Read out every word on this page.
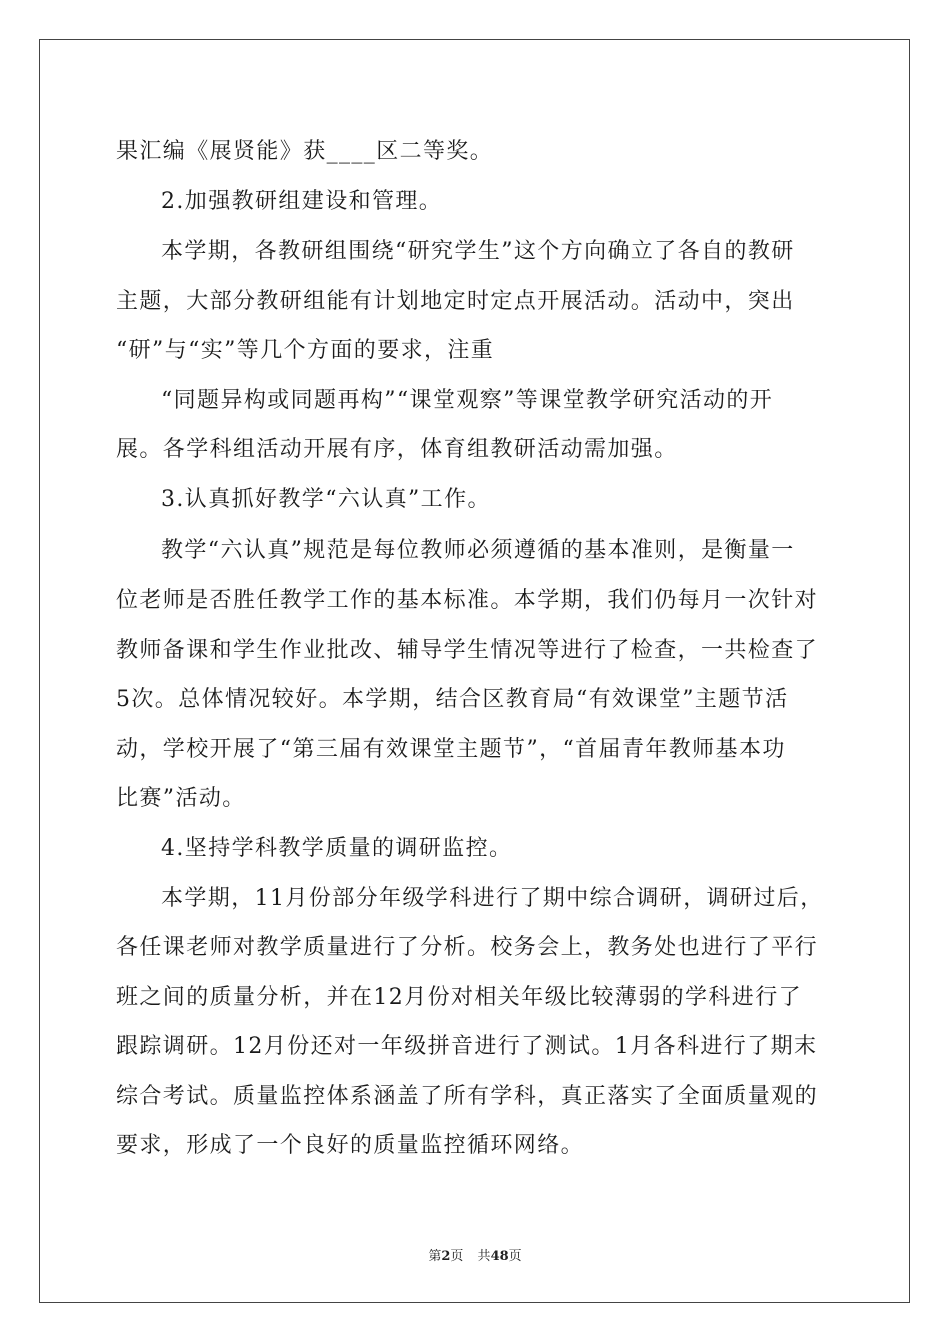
果汇编《展贤能》获____区二等奖。
2.加强教研组建设和管理。
本学期，各教研组围绕“研究学生”这个方向确立了各自的教研
主题，大部分教研组能有计划地定时定点开展活动。活动中，突出
“研”与“实”等几个方面的要求，注重
“同题异构或同题再构”“课堂观察”等课堂教学研究活动的开
展。各学科组活动开展有序，体育组教研活动需加强。
3.认真抓好教学“六认真”工作。
教学“六认真”规范是每位教师必须遵循的基本准则，是衡量一
位老师是否胜任教学工作的基本标准。本学期，我们仍每月一次针对
教师备课和学生作业批改、辅导学生情况等进行了检查，一共检查了
5次。总体情况较好。本学期，结合区教育局“有效课堂”主题节活
动，学校开展了“第三届有效课堂主题节”，“首届青年教师基本功
比赛”活动。
4.坚持学科教学质量的调研监控。
本学期，11月份部分年级学科进行了期中综合调研，调研过后，
各任课老师对教学质量进行了分析。校务会上，教务处也进行了平行
班之间的质量分析，并在12月份对相关年级比较薄弱的学科进行了
跟踪调研。12月份还对一年级拼音进行了测试。1月各科进行了期末
综合考试。质量监控体系涵盖了所有学科，真正落实了全面质量观的
要求，形成了一个良好的质量监控循环网络。
第2页 共48页
